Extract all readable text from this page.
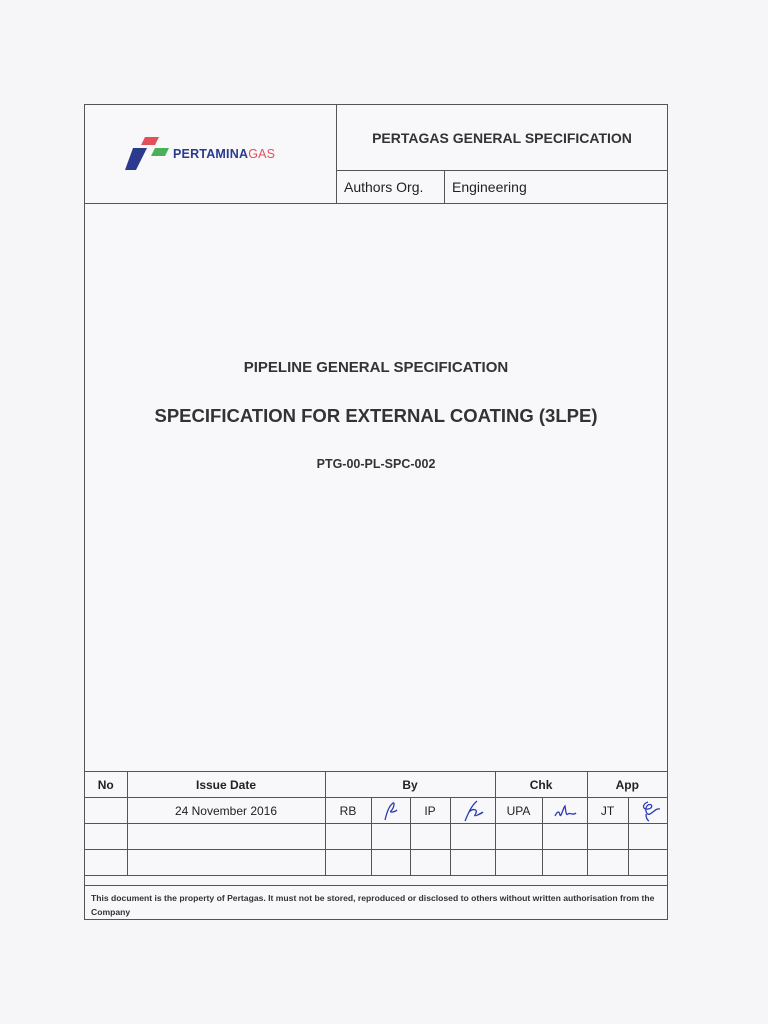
PERTAMINAGAS
PERTAGAS GENERAL SPECIFICATION
Authors Org.	Engineering
PIPELINE GENERAL SPECIFICATION
SPECIFICATION FOR EXTERNAL COATING (3LPE)
PTG-00-PL-SPC-002
No	Issue Date	By				Chk		App	
	24 November 2016	RB		IP		UPA		JT	

This document is the property of Pertagas. It must not be stored, reproduced or disclosed to others without written authorisation from the Company
